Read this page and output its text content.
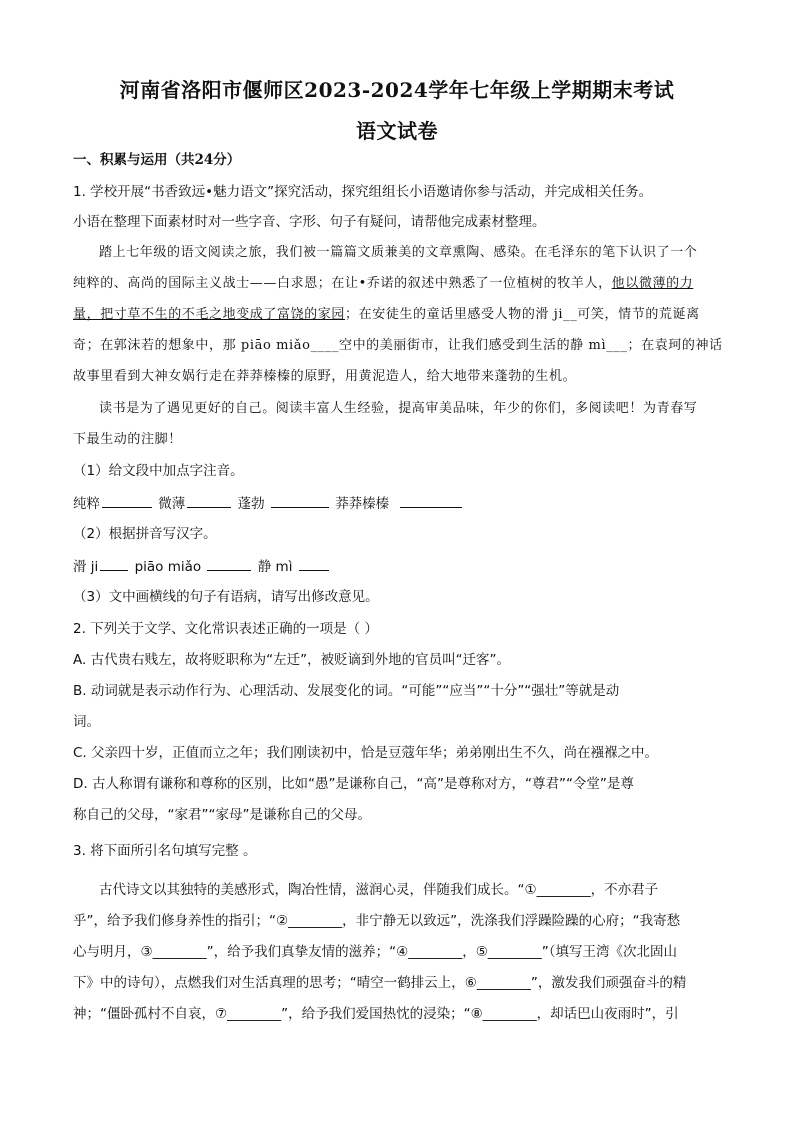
河南省洛阳市偃师区2023-2024学年七年级上学期期末考试
语文试卷
一、积累与运用（共24分）
1. 学校开展“书香致远•魅力语文”探究活动，探究组组长小语邀请你参与活动，并完成相关任务。
小语在整理下面素材时对一些字音、字形、句子有疑问，请帮他完成素材整理。
踏上七年级的语文阅读之旅，我们被一篇篇文质兼美的文章熏陶、感染。在毛泽东的笔下认识了一个
纯粹的、高尚的国际主义战士——白求恩；在让•乔诺的叙述中熟悉了一位植树的牧羊人，他以微薄的力
量，把寸草不生的不毛之地变成了富饶的家园；在安徒生的童话里感受人物的滑 ji__可笑，情节的荒诞离
奇；在郭沫若的想象中，那 piāo miǎo____空中的美丽街市，让我们感受到生活的静 mì___；在袁珂的神话
故事里看到大神女娲行走在莽莽榛榛的原野，用黄泥造人，给大地带来蓬勃的生机。
读书是为了遇见更好的自己。阅读丰富人生经验，提高审美品味，年少的你们，多阅读吧！为青春写
下最生动的注脚！
（1）给文段中加点字注音。
纯粹	微薄	蓬勃	莽莽榛榛
（2）根据拼音写汉字。
滑 ji	piāo miǎo	静 mì
（3）文中画横线的句子有语病，请写出修改意见。
2. 下列关于文学、文化常识表述正确的一项是（ ）
A. 古代贵右贱左，故将贬职称为“左迁”，被贬谪到外地的官员叫“迁客”。
B. 动词就是表示动作行为、心理活动、发展变化的词。“可能”“应当”“十分”“强壮”等就是动
词。
C. 父亲四十岁，正值而立之年；我们刚读初中，恰是豆蔻年华；弟弟刚出生不久，尚在襁褓之中。
D. 古人称谓有谦称和尊称的区别，比如“愚”是谦称自己，“高”是尊称对方，“尊君”“令堂”是尊
称自己的父母，“家君”“家母”是谦称自己的父母。
3. 将下面所引名句填写完整 。
古代诗文以其独特的美感形式，陶冶性情，滋润心灵，伴随我们成长。“①________，不亦君子
乎”，给予我们修身养性的指引；“②________，非宁静无以致远”，洗涤我们浮躁险躁的心府；“我寄愁
心与明月，③________”，给予我们真挚友情的滋养；“④________，⑤________”（填写王湾《次北固山
下》中的诗句），点燃我们对生活真理的思考；“晴空一鹤排云上，⑥________”，激发我们顽强奋斗的精
神；“僵卧孤村不自哀，⑦________”，给予我们爱国热忱的浸染；“⑧________，却话巴山夜雨时”，引
